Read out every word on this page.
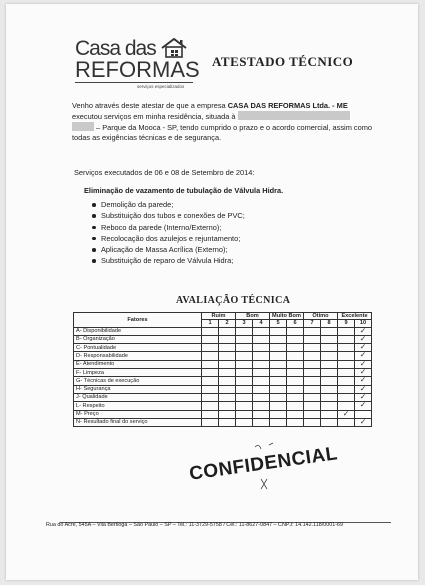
Casa das
REFORMAS
serviços especializados
ATESTADO TÉCNICO
Venho através deste atestar de que a empresa CASA DAS REFORMAS Ltda. - ME executou serviços em minha residência, situada à
– Parque da Mooca - SP, tendo cumprido o prazo e o acordo comercial, assim como todas as exigências técnicas e de segurança.
Serviços executados de 06 e 08 de Setembro de 2014:
Eliminação de vazamento de tubulação de Válvula Hidra.
Demolição da parede;
Substituição dos tubos e conexões de PVC;
Reboco da parede (Interno/Externo);
Recolocação dos azulejos e rejuntamento;
Aplicação de Massa Acrílica (Externo);
Substituição de reparo de Válvula Hidra;
AVALIAÇÃO TÉCNICA
Fatores	Ruim		Bom		Muito Bom		Ótimo		Excelente	
	1	2	3	4	5	6	7	8	9	10
A- Disponibilidade										✓
B- Organização										✓
C- Pontualidade										✓
D- Responsabilidade										✓
E- Atendimento										✓
F- Limpeza										✓
G- Técnicas de execução										✓
H- Segurança										✓
J- Qualidade										✓
L- Respeito										✓
M- Preço									✓	
N- Resultado final do serviço										✓
CONFIDENCIAL
Rua do Acre, 545A – Vila Bertioga – São Paulo – SP – Tel.: 11-3729-5758 / Cel.: 11-8627-0847 – CNPJ: 14.142.118/0001-69
